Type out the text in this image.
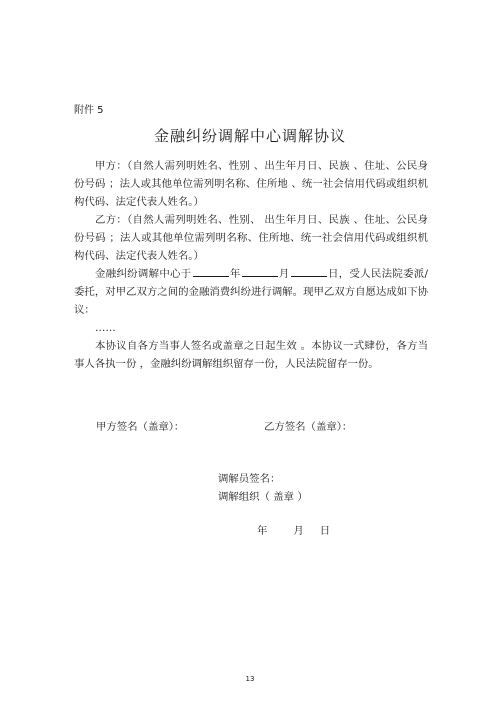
附件 5
金融纠纷调解中心调解协议

甲方：（自然人需列明姓名、性别 、出生年月日、民族 、住址、公民身份号码 ；法人或其他单位需列明名称、住所地 、统一社会信用代码或组织机构代码、法定代表人姓名。）

乙方：（自然人需列明姓名、性别、 出生年月日、民族 、住址、公民身份号码 ；法人或其他单位需列明名称、住所地、统一社会信用代码或组织机构代码、法定代表人姓名。）

金融纠纷调解中心于	年	月	日，受人民法院委派/委托，对甲乙双方之间的金融消费纠纷进行调解。现甲乙双方自愿达成如下协议：

……

本协议自各方当事人签名或盖章之日起生效 。本协议一式肆份，各方当事人各执一份 ，金融纠纷调解组织留存一份，人民法院留存一份。

甲方签名（盖章）：	乙方签名（盖章）：
调解员签名：
调解组织（ 盖章 ）
年	月 日
13
